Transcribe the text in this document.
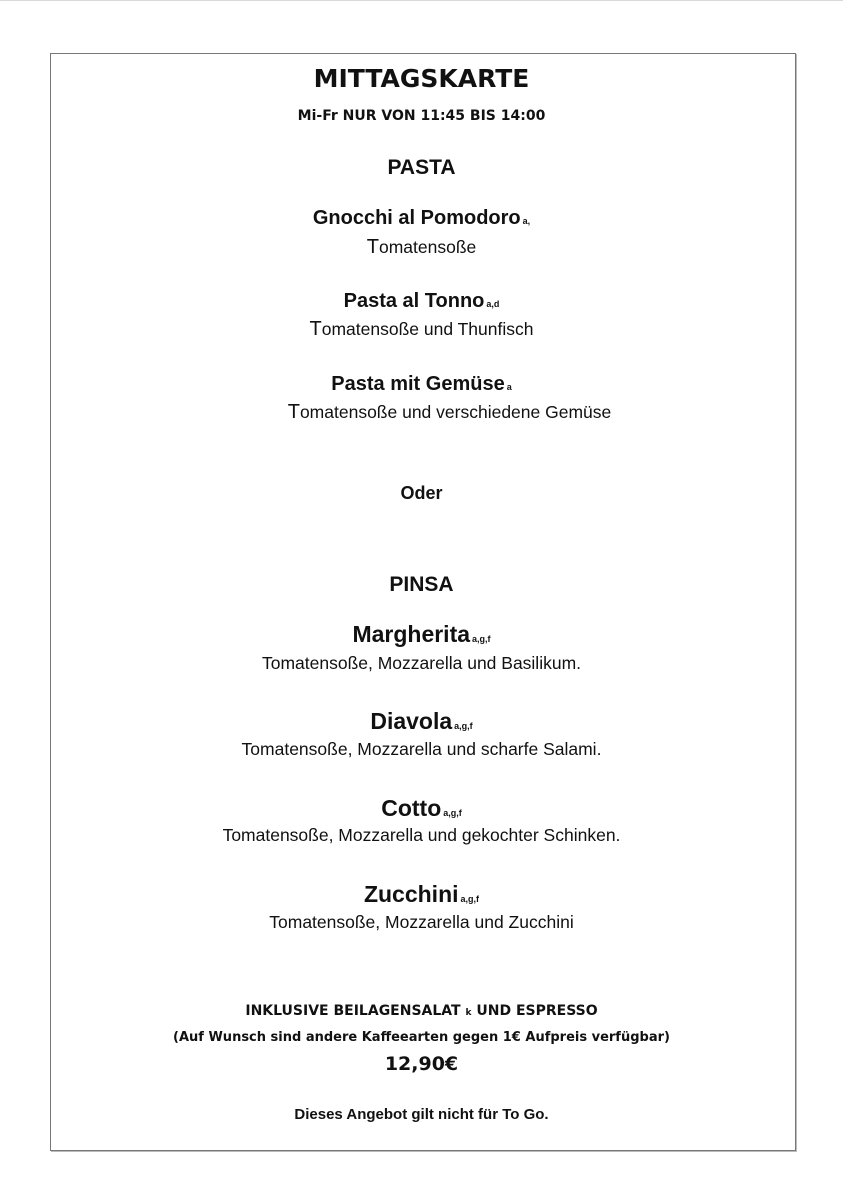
MITTAGSKARTE
Mi-Fr NUR VON 11:45 BIS 14:00
PASTA
Gnocchi al Pomodoro a,
Tomatensoße
Pasta al Tonno a,d
Tomatensoße und Thunfisch
Pasta mit Gemüse a
Tomatensoße und verschiedene Gemüse
Oder
PINSA
Margherita a,g,f
Tomatensoße, Mozzarella und Basilikum.
Diavola a,g,f
Tomatensoße, Mozzarella und scharfe Salami.
Cotto a,g,f
Tomatensoße, Mozzarella und gekochter Schinken.
Zucchini a,g,f
Tomatensoße, Mozzarella und Zucchini
INKLUSIVE BEILAGENSALAT k UND ESPRESSO
(Auf Wunsch sind andere Kaffeearten gegen 1€ Aufpreis verfügbar)
12,90€
Dieses Angebot gilt nicht für To Go.
